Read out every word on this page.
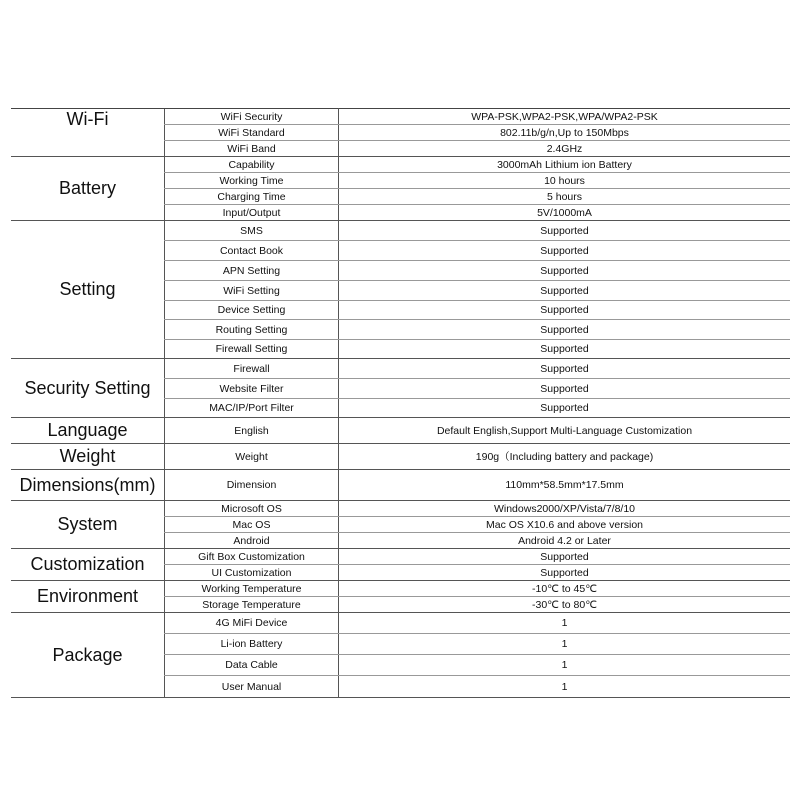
Wi-Fi	WiFi Security	WPA-PSK,WPA2-PSK,WPA/WPA2-PSK
	WiFi Standard	802.11b/g/n,Up to 150Mbps
	WiFi Band	2.4GHz
Battery	Capability	3000mAh Lithium ion Battery
	Working Time	10 hours
	Charging Time	5 hours
	Input/Output	5V/1000mA
Setting	SMS	Supported
	Contact Book	Supported
	APN Setting	Supported
	WiFi Setting	Supported
	Device Setting	Supported
	Routing Setting	Supported
	Firewall Setting	Supported
Security Setting	Firewall	Supported
	Website Filter	Supported
	MAC/IP/Port Filter	Supported
Language	English	Default English,Support Multi-Language Customization
Weight	Weight	190g（Including battery and package)
Dimensions(mm)	Dimension	110mm*58.5mm*17.5mm
System	Microsoft OS	Windows2000/XP/Vista/7/8/10
	Mac OS	Mac OS X10.6 and above version
	Android	Android 4.2 or Later
Customization	Gift Box Customization	Supported
	UI Customization	Supported
Environment	Working Temperature	-10℃ to 45℃
	Storage Temperature	-30℃ to 80℃
Package	4G MiFi Device	1
	Li-ion Battery	1
	Data Cable	1
	User Manual	1
